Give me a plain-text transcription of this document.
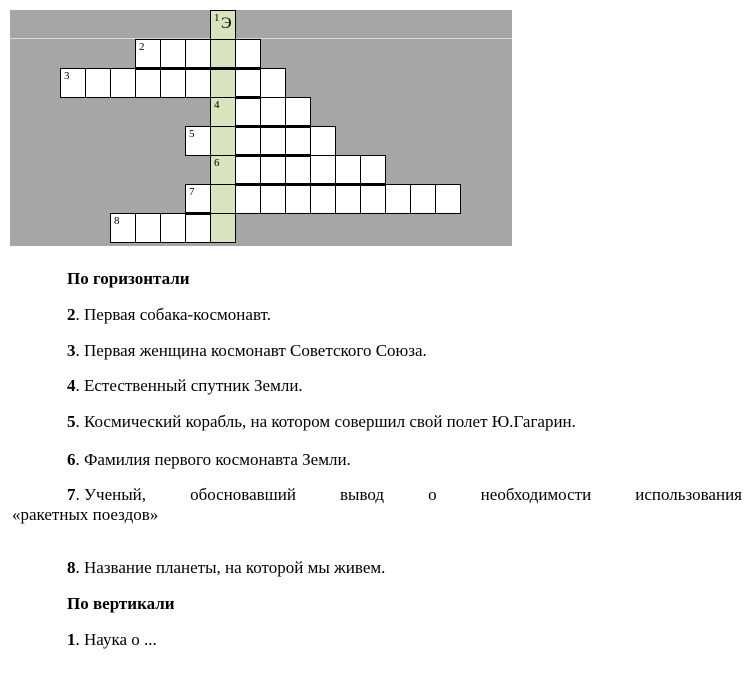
1 Э
2
3
4
5
6
7
8
По горизонтали
2. Первая собака-космонавт.
3. Первая женщина космонавт Советского Союза.
4. Естественный спутник Земли.
5. Космический корабль, на котором совершил свой полет Ю.Гагарин.
6. Фамилия первого космонавта Земли.
7. Ученый,	обосновавший	вывод	о	необходимости	использования
«ракетных поездов»
8. Название планеты, на которой мы живем.
По вертикали
1. Наука о ...
